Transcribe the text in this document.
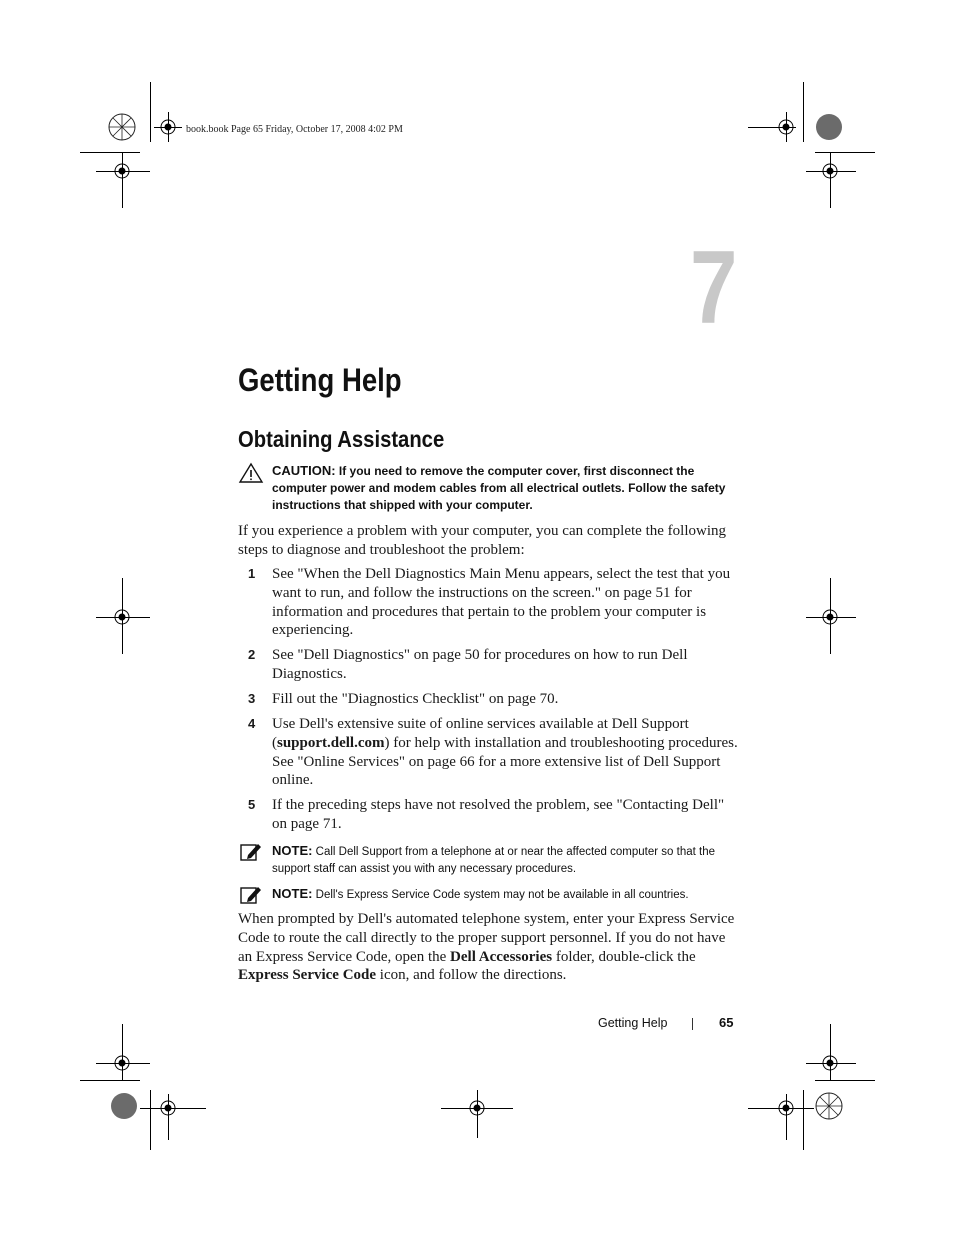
book.book Page 65 Friday, October 17, 2008 4:02 PM
7
Getting Help
Obtaining Assistance
CAUTION: If you need to remove the computer cover, first disconnect the computer power and modem cables from all electrical outlets. Follow the safety instructions that shipped with your computer.
If you experience a problem with your computer, you can complete the following steps to diagnose and troubleshoot the problem:
1 See "When the Dell Diagnostics Main Menu appears, select the test that you want to run, and follow the instructions on the screen." on page 51 for information and procedures that pertain to the problem your computer is experiencing.
2 See "Dell Diagnostics" on page 50 for procedures on how to run Dell Diagnostics.
3 Fill out the "Diagnostics Checklist" on page 70.
4 Use Dell's extensive suite of online services available at Dell Support (support.dell.com) for help with installation and troubleshooting procedures. See "Online Services" on page 66 for a more extensive list of Dell Support online.
5 If the preceding steps have not resolved the problem, see "Contacting Dell" on page 71.
NOTE: Call Dell Support from a telephone at or near the affected computer so that the support staff can assist you with any necessary procedures.
NOTE: Dell's Express Service Code system may not be available in all countries.
When prompted by Dell's automated telephone system, enter your Express Service Code to route the call directly to the proper support personnel. If you do not have an Express Service Code, open the Dell Accessories folder, double-click the Express Service Code icon, and follow the directions.
Getting Help	65
